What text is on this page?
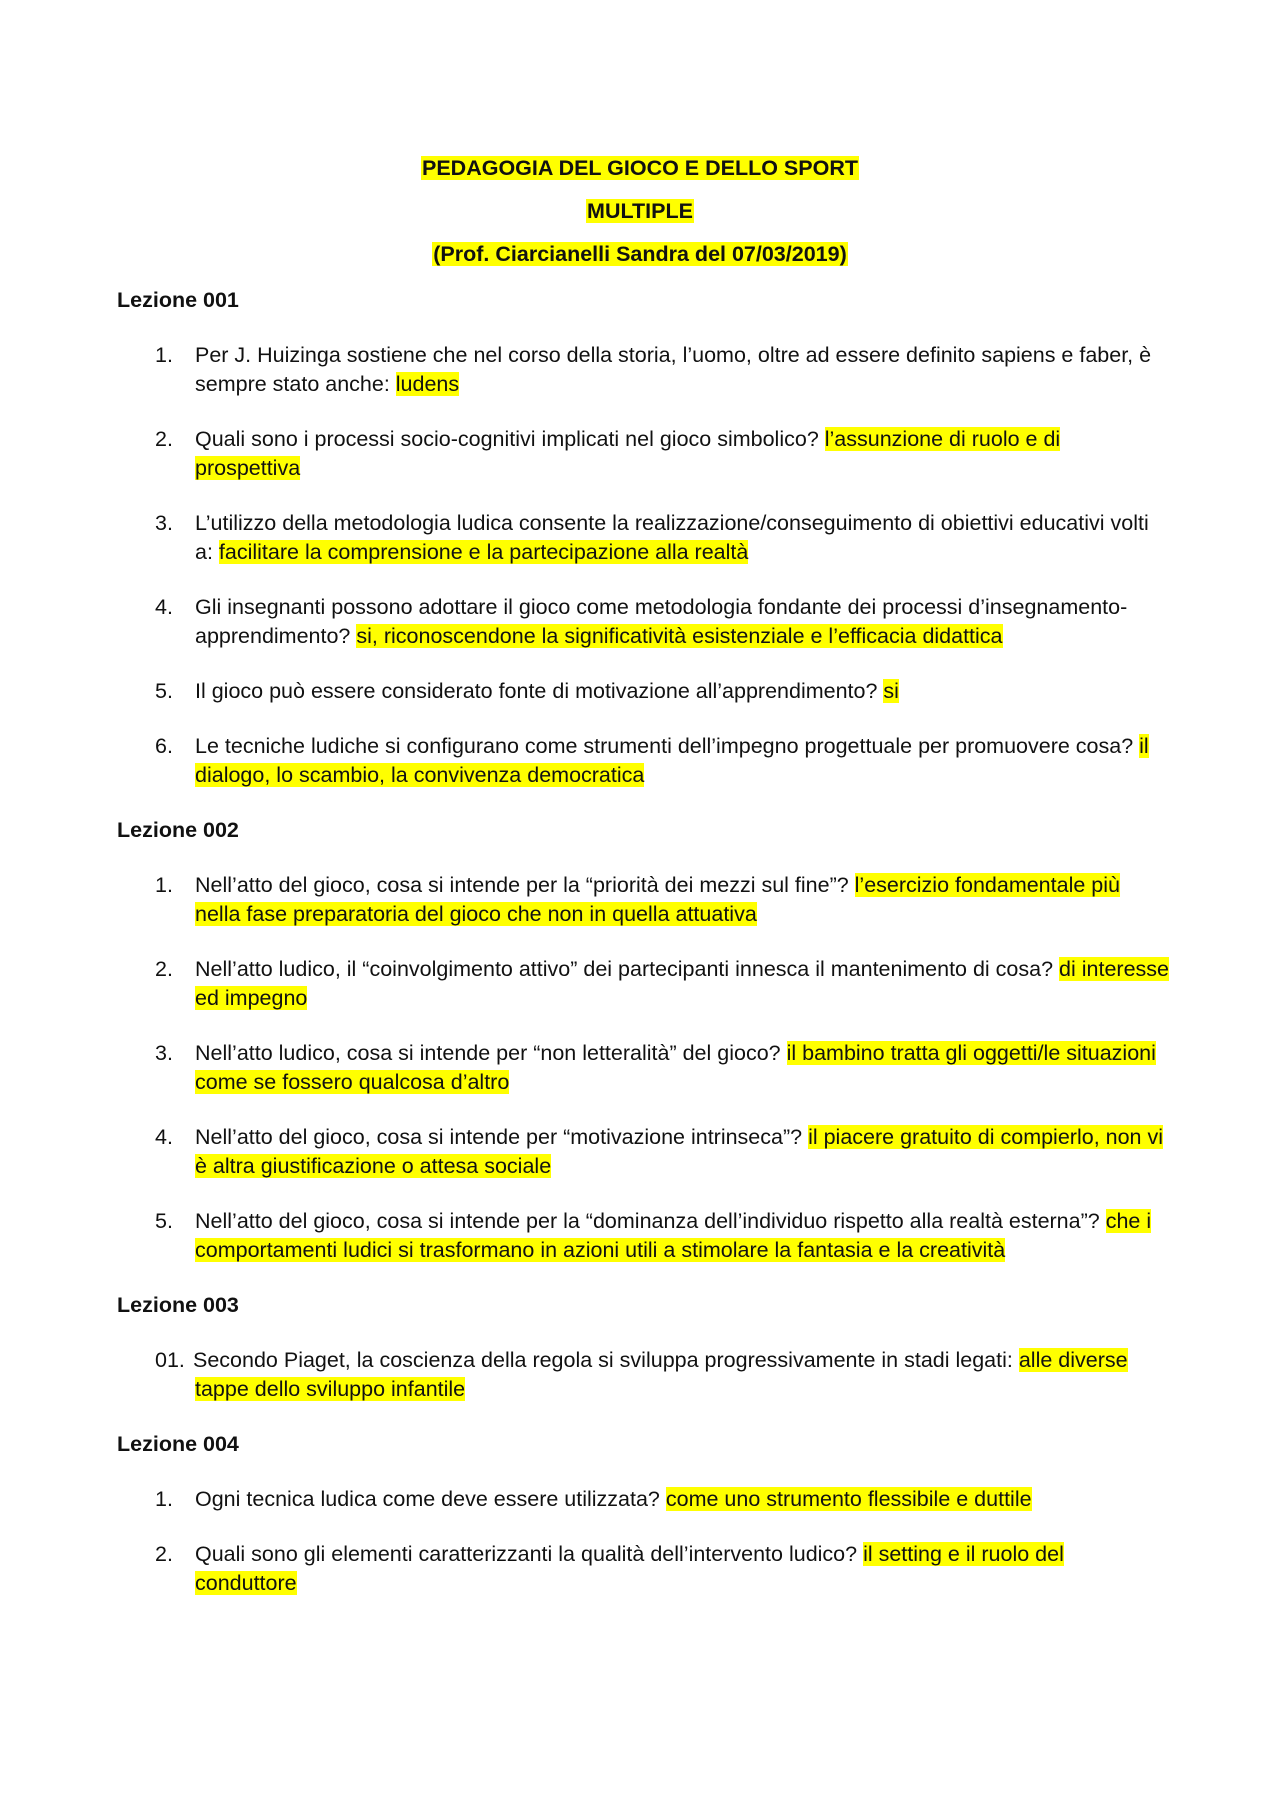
PEDAGOGIA DEL GIOCO E DELLO SPORT
MULTIPLE
(Prof. Ciarcianelli Sandra del 07/03/2019)
Lezione 001
1.	Per J. Huizinga sostiene che nel corso della storia, l’uomo, oltre ad essere definito sapiens e faber, è sempre stato anche: ludens
2.	Quali sono i processi socio-cognitivi implicati nel gioco simbolico? l’assunzione di ruolo e di prospettiva
3.	L’utilizzo della metodologia ludica consente la realizzazione/conseguimento di obiettivi educativi volti a: facilitare la comprensione e la partecipazione alla realtà
4.	Gli insegnanti possono adottare il gioco come metodologia fondante dei processi d’insegnamento-apprendimento? si, riconoscendone la significatività esistenziale e l’efficacia didattica
5.	Il gioco può essere considerato fonte di motivazione all’apprendimento? si
6.	Le tecniche ludiche si configurano come strumenti dell’impegno progettuale per promuovere cosa? il dialogo, lo scambio, la convivenza democratica
Lezione 002
1.	Nell’atto del gioco, cosa si intende per la “priorità dei mezzi sul fine”? l’esercizio fondamentale più nella fase preparatoria del gioco che non in quella attuativa
2.	Nell’atto ludico, il “coinvolgimento attivo” dei partecipanti innesca il mantenimento di cosa? di interesse ed impegno
3.	Nell’atto ludico, cosa si intende per “non letteralità” del gioco? il bambino tratta gli oggetti/le situazioni come se fossero qualcosa d’altro
4.	Nell’atto del gioco, cosa si intende per “motivazione intrinseca”? il piacere gratuito di compierlo, non vi è altra giustificazione o attesa sociale
5.	Nell’atto del gioco, cosa si intende per la “dominanza dell’individuo rispetto alla realtà esterna”? che i comportamenti ludici si trasformano in azioni utili a stimolare la fantasia e la creatività
Lezione 003
01. Secondo Piaget, la coscienza della regola si sviluppa progressivamente in stadi legati: alle diverse tappe dello sviluppo infantile
Lezione 004
1.	Ogni tecnica ludica come deve essere utilizzata? come uno strumento flessibile e duttile
2.	Quali sono gli elementi caratterizzanti la qualità dell’intervento ludico? il setting e il ruolo del conduttore
